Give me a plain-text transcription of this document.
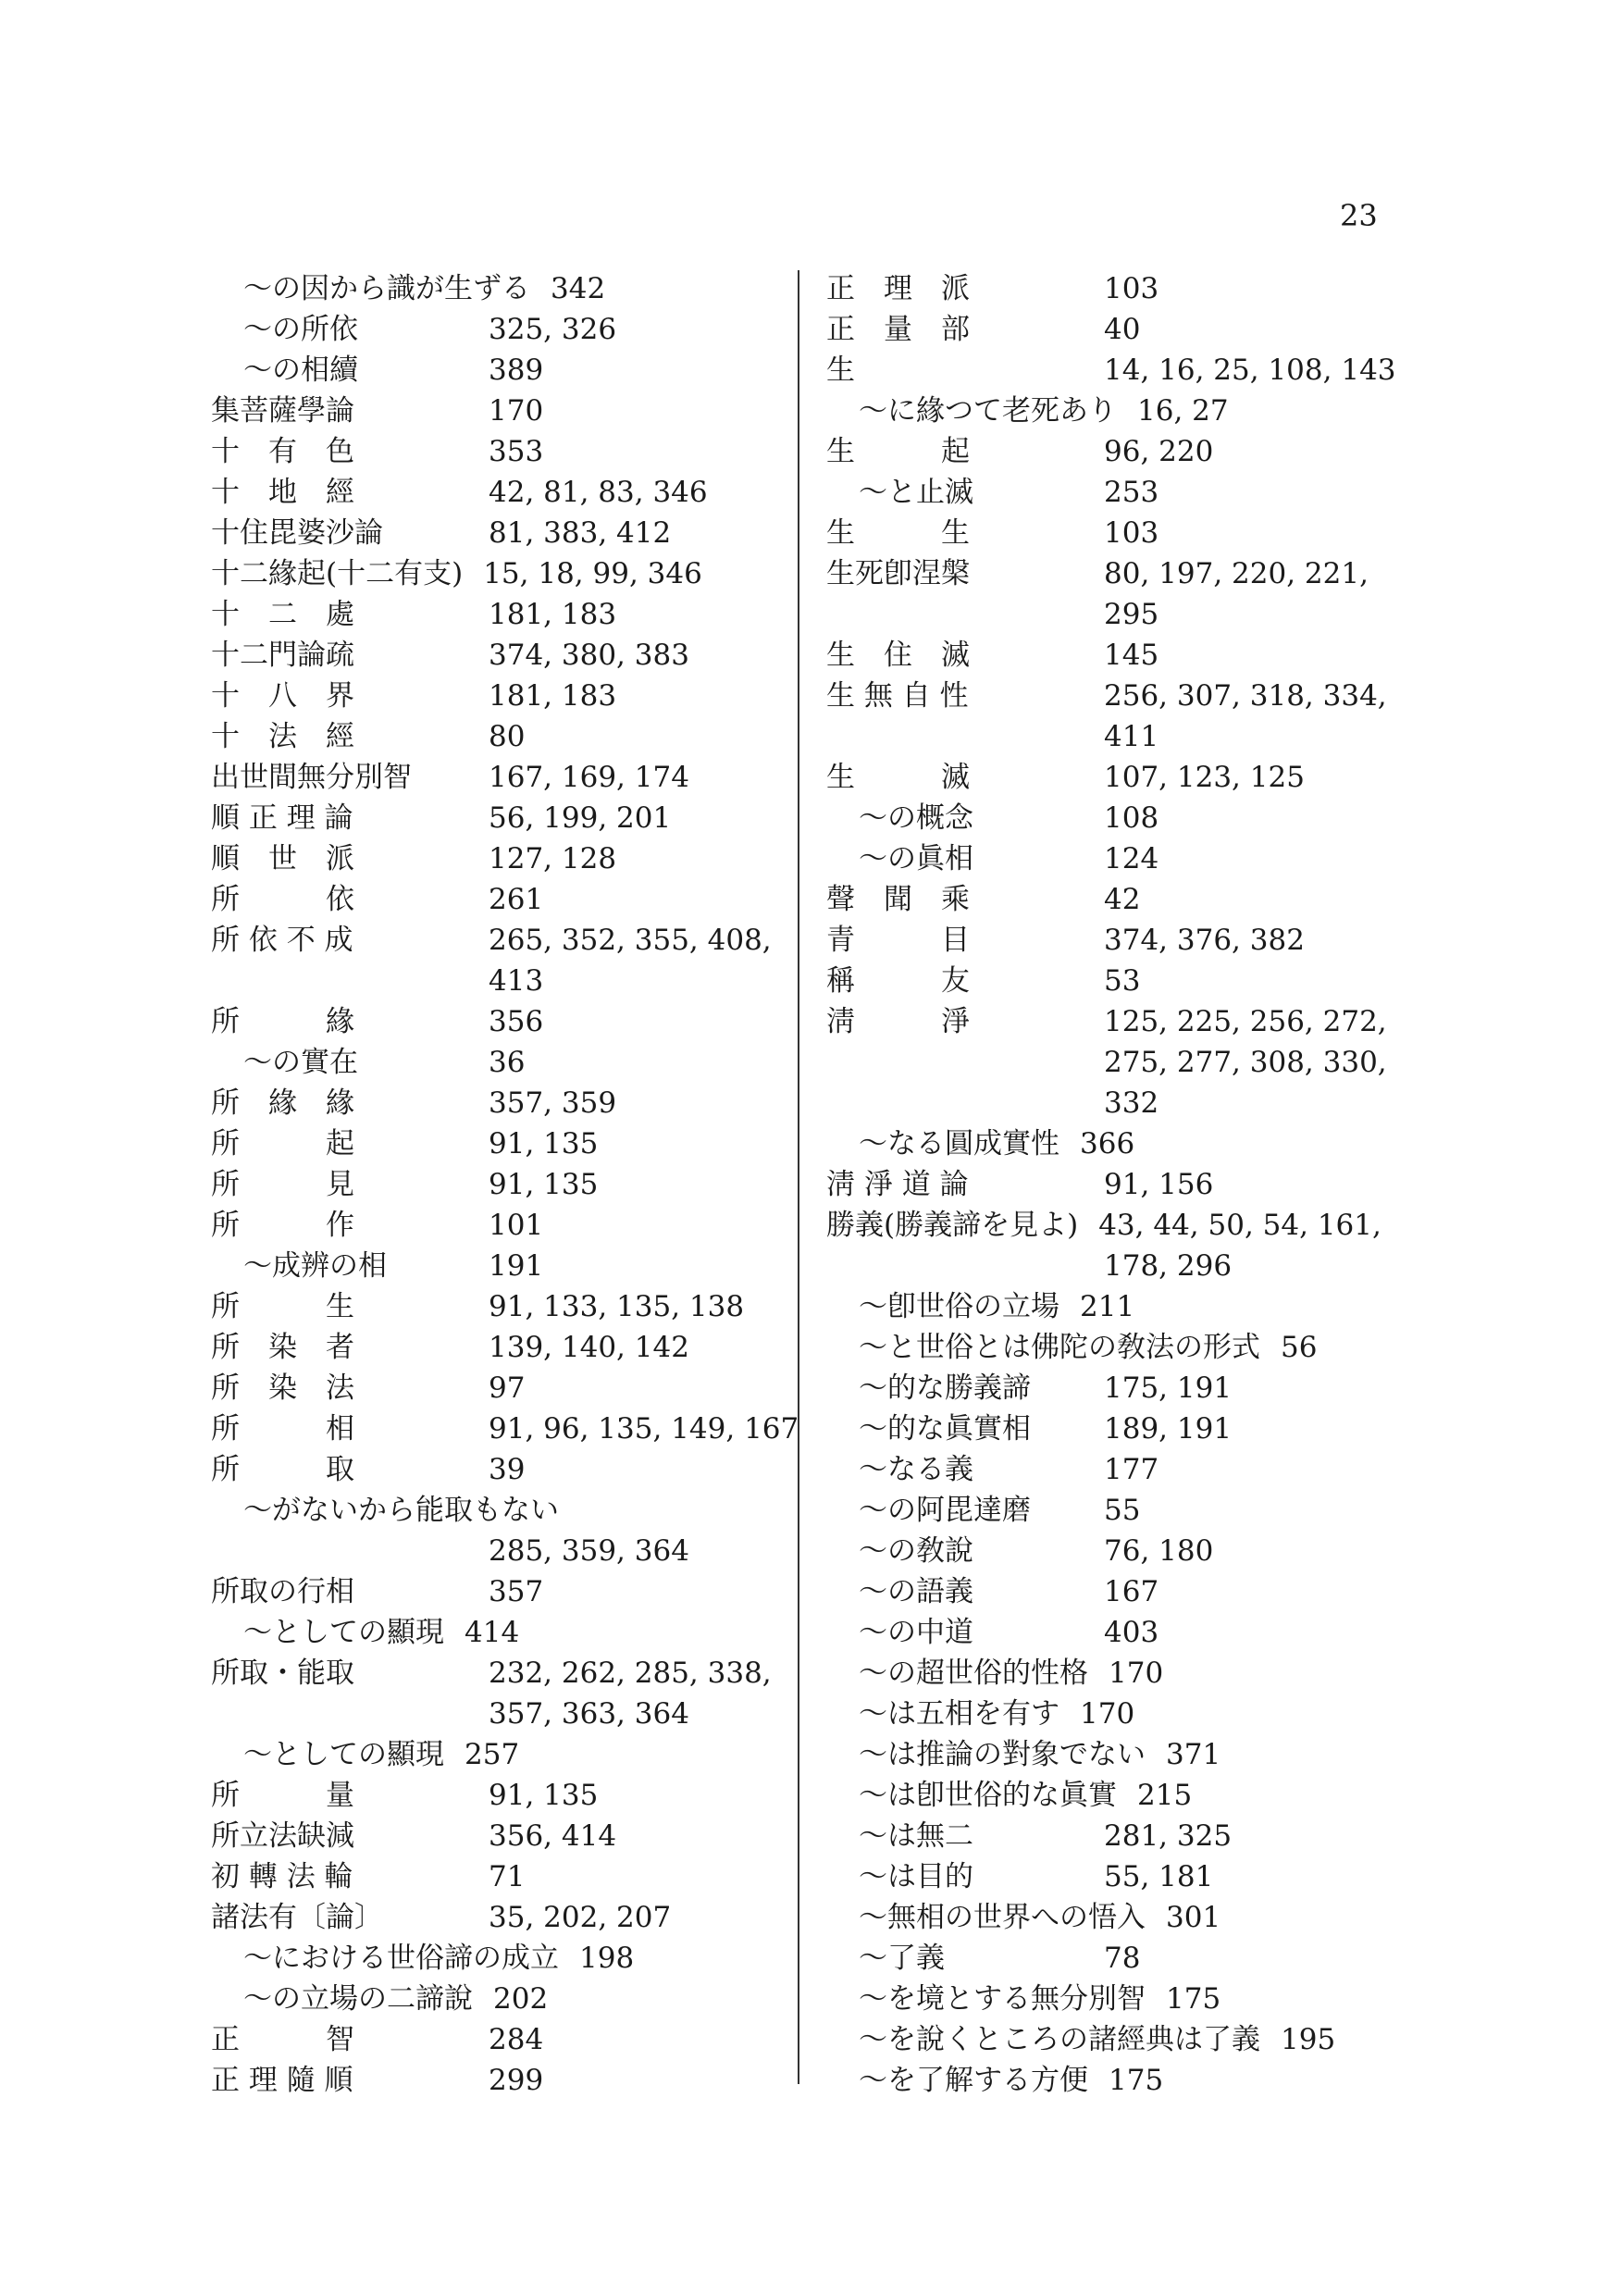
23
～の因から識が生ずる 342
～の所依	325, 326
～の相續	389
集菩薩學論	170
十　有　色	353
十　地　經	42, 81, 83, 346
十住毘婆沙論	81, 383, 412
十二緣起(十二有支) 15, 18, 99, 346
十　二　處	181, 183
十二門論疏	374, 380, 383
十　八　界	181, 183
十　法　經	80
出世間無分別智	167, 169, 174
順 正 理 論	56, 199, 201
順　世　派	127, 128
所　　　依	261
所 依 不 成	265, 352, 355, 408,
413
所　　　緣	356
～の實在	36
所　緣　緣	357, 359
所　　　起	91, 135
所　　　見	91, 135
所　　　作	101
～成辨の相	191
所　　　生	91, 133, 135, 138
所　染　者	139, 140, 142
所　染　法	97
所　　　相	91, 96, 135, 149, 167
所　　　取	39
～がないから能取もない
285, 359, 364
所取の行相	357
～としての顯現 414
所取・能取	232, 262, 285, 338,
357, 363, 364
～としての顯現 257
所　　　量	91, 135
所立法缺減	356, 414
初 轉 法 輪	71
諸法有〔論〕	35, 202, 207
～における世俗諦の成立 198
～の立場の二諦說 202
正　　　智	284
正 理 隨 順	299
正　理　派	103
正　量　部	40
生	14, 16, 25, 108, 143
～に緣つて老死あり 16, 27
生　　　起	96, 220
～と止滅	253
生　　　生	103
生死卽涅槃	80, 197, 220, 221,
295
生　住　滅	145
生 無 自 性	256, 307, 318, 334,
411
生　　　滅	107, 123, 125
～の概念	108
～の眞相	124
聲　聞　乘	42
青　　　目	374, 376, 382
稱　　　友	53
淸　　　淨	125, 225, 256, 272,
275, 277, 308, 330,
332
～なる圓成實性 366
淸 淨 道 論	91, 156
勝義(勝義諦を見よ) 43, 44, 50, 54, 161,
178, 296
～卽世俗の立場 211
～と世俗とは佛陀の敎法の形式 56
～的な勝義諦	175, 191
～的な眞實相	189, 191
～なる義	177
～の阿毘達磨	55
～の敎說	76, 180
～の語義	167
～の中道	403
～の超世俗的性格 170
～は五相を有す 170
～は推論の對象でない 371
～は卽世俗的な眞實 215
～は無二	281, 325
～は目的	55, 181
～無相の世界への悟入 301
～了義	78
～を境とする無分別智 175
～を說くところの諸經典は了義 195
～を了解する方便 175
